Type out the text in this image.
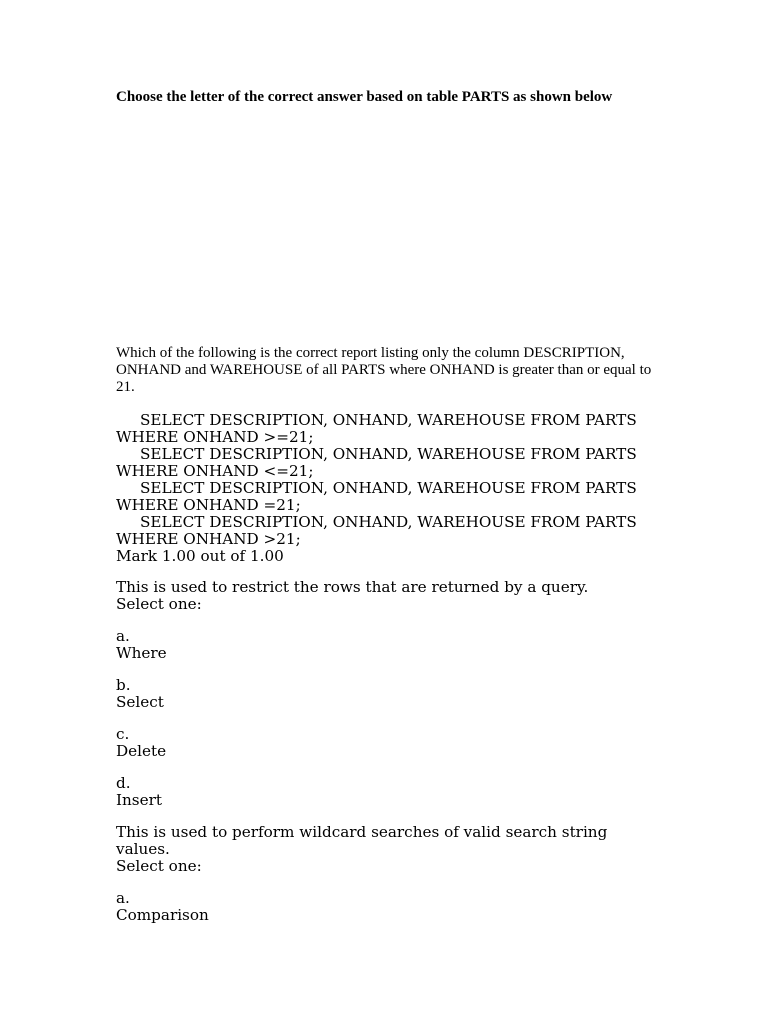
Choose the letter of the correct answer based on table PARTS as shown below
Which of the following is the correct report listing only the column DESCRIPTION, ONHAND and WAREHOUSE of all PARTS where ONHAND is greater than or equal to 21.
SELECT DESCRIPTION, ONHAND, WAREHOUSE FROM PARTS
WHERE ONHAND >=21;
SELECT DESCRIPTION, ONHAND, WAREHOUSE FROM PARTS
WHERE ONHAND <=21;
SELECT DESCRIPTION, ONHAND, WAREHOUSE FROM PARTS
WHERE ONHAND =21;
SELECT DESCRIPTION, ONHAND, WAREHOUSE FROM PARTS
WHERE ONHAND >21;
Mark 1.00 out of 1.00
This is used to restrict the rows that are returned by a query.
Select one:
a.
Where
b.
Select
c.
Delete
d.
Insert
This is used to perform wildcard searches of valid search string
values.
Select one:
a.
Comparison
